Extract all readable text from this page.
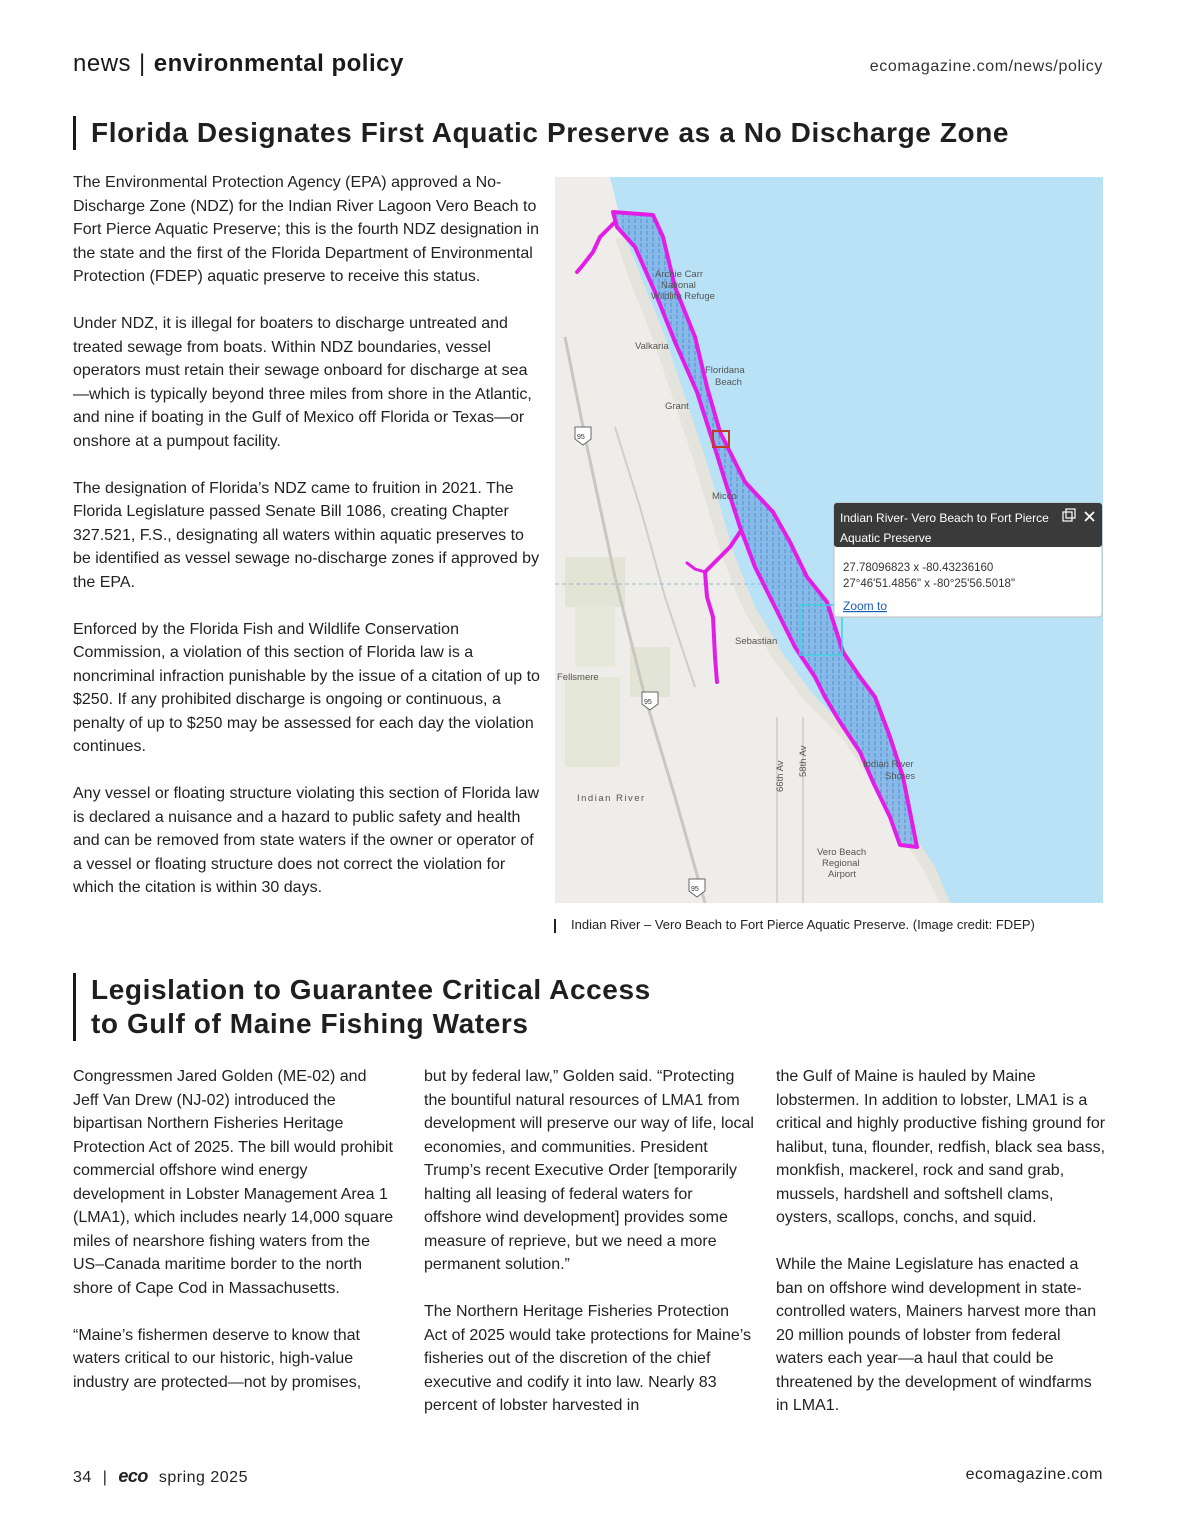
news | environmental policy	ecomagazine.com/news/policy
Florida Designates First Aquatic Preserve as a No Discharge Zone

The Environmental Protection Agency (EPA) approved a No-Discharge Zone (NDZ) for the Indian River Lagoon Vero Beach to Fort Pierce Aquatic Preserve; this is the fourth NDZ designation in the state and the first of the Florida Department of Environmental Protection (FDEP) aquatic preserve to receive this status.

Under NDZ, it is illegal for boaters to discharge untreated and treated sewage from boats. Within NDZ boundaries, vessel operators must retain their sewage onboard for discharge at sea—which is typically beyond three miles from shore in the Atlantic, and nine if boating in the Gulf of Mexico off Florida or Texas—or onshore at a pumpout facility.

The designation of Florida’s NDZ came to fruition in 2021. The Florida Legislature passed Senate Bill 1086, creating Chapter 327.521, F.S., designating all waters within aquatic preserves to be identified as vessel sewage no-discharge zones if approved by the EPA.

Enforced by the Florida Fish and Wildlife Conservation Commission, a violation of this section of Florida law is a noncriminal infraction punishable by the issue of a citation of up to $250. If any prohibited discharge is ongoing or continuous, a penalty of up to $250 may be assessed for each day the violation continues.

Any vessel or floating structure violating this section of Florida law is declared a nuisance and a hazard to public safety and health and can be removed from state waters if the owner or operator of a vessel or floating structure does not correct the violation for which the citation is within 30 days.

Archie Carr
National
Wildlife Refuge
Valkaria
Floridana
Beach
Grant
Micco
Sebastian
Fellsmere
Indian River
Indian River
Shores
66th Av 58th Av
Vero Beach
Regional
Airport
95
95
95
Indian River- Vero Beach to Fort Pierce
Aquatic Preserve
27.78096823 x -80.43236160
27°46'51.4856" x -80°25'56.5018"
Zoom to
Indian River – Vero Beach to Fort Pierce Aquatic Preserve. (Image credit: FDEP)
Legislation to Guarantee Critical Access
to Gulf of Maine Fishing Waters

Congressmen Jared Golden (ME-02) and Jeff Van Drew (NJ-02) introduced the bipartisan Northern Fisheries Heritage Protection Act of 2025. The bill would prohibit commercial offshore wind energy development in Lobster Management Area 1 (LMA1), which includes nearly 14,000 square miles of nearshore fishing waters from the US–Canada maritime border to the north shore of Cape Cod in Massachusetts.

“Maine’s fishermen deserve to know that waters critical to our historic, high-value industry are protected—not by promises,

but by federal law,” Golden said. “Protecting the bountiful natural resources of LMA1 from development will preserve our way of life, local economies, and communities. President Trump’s recent Executive Order [temporarily halting all leasing of federal waters for offshore wind development] provides some measure of reprieve, but we need a more permanent solution.”

The Northern Heritage Fisheries Protection Act of 2025 would take protections for Maine’s fisheries out of the discretion of the chief executive and codify it into law. Nearly 83 percent of lobster harvested in

the Gulf of Maine is hauled by Maine lobstermen. In addition to lobster, LMA1 is a critical and highly productive fishing ground for halibut, tuna, flounder, redfish, black sea bass, monkfish, mackerel, rock and sand grab, mussels, hardshell and softshell clams, oysters, scallops, conchs, and squid.

While the Maine Legislature has enacted a ban on offshore wind development in state-controlled waters, Mainers harvest more than 20 million pounds of lobster from federal waters each year—a haul that could be threatened by the development of windfarms in LMA1.

34 | eco spring 2025	ecomagazine.com
